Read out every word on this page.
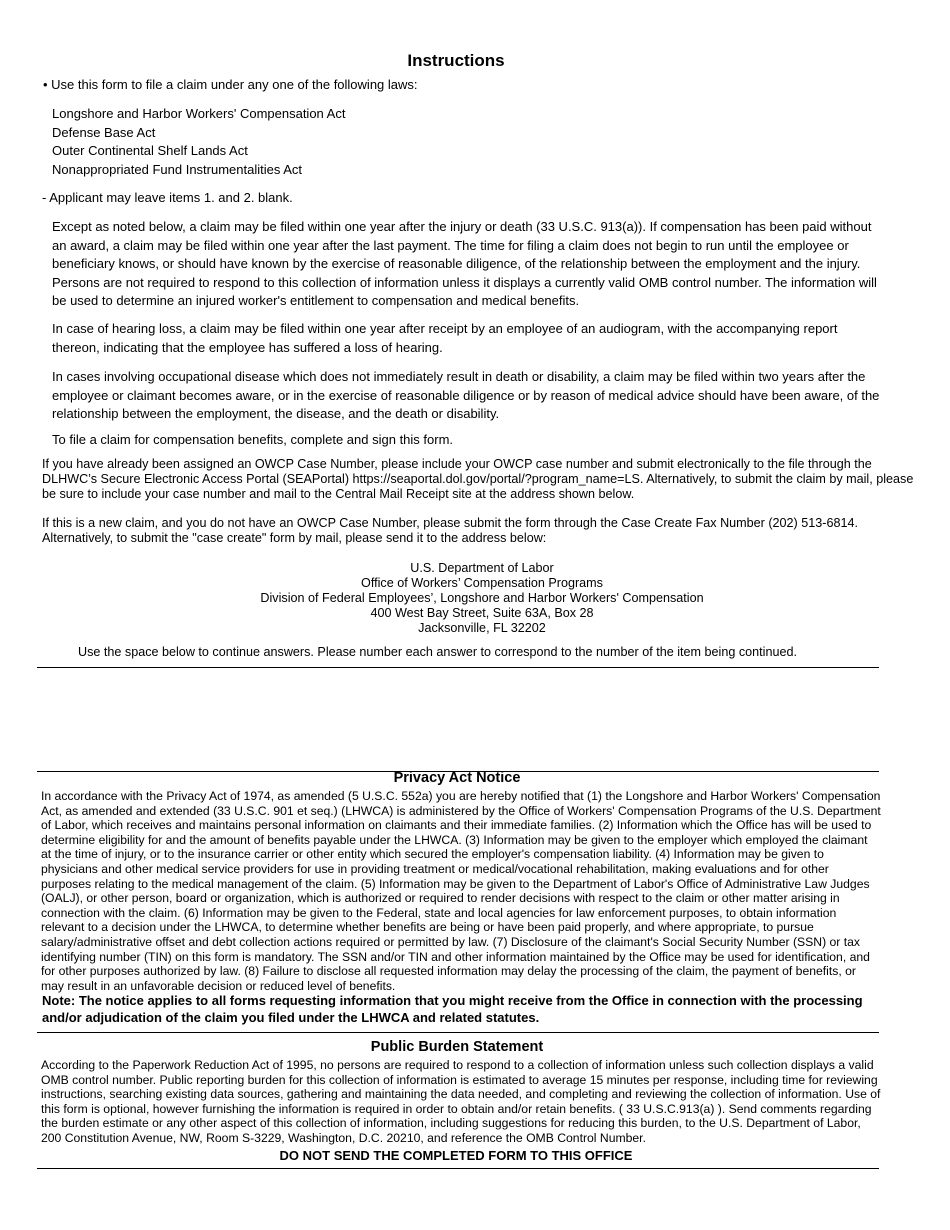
Instructions
• Use this form to file a claim under any one of the following laws:
Longshore and Harbor Workers' Compensation Act
Defense Base Act
Outer Continental Shelf Lands Act
Nonappropriated Fund Instrumentalities Act
- Applicant may leave items 1. and 2. blank.
Except as noted below, a claim may be filed within one year after the injury or death (33 U.S.C. 913(a)). If compensation has been paid without an award, a claim may be filed within one year after the last payment. The time for filing a claim does not begin to run until the employee or beneficiary knows, or should have known by the exercise of reasonable diligence, of the relationship between the employment and the injury. Persons are not required to respond to this collection of information unless it displays a currently valid OMB control number. The information will be used to determine an injured worker's entitlement to compensation and medical benefits.
In case of hearing loss, a claim may be filed within one year after receipt by an employee of an audiogram, with the accompanying report thereon, indicating that the employee has suffered a loss of hearing.
In cases involving occupational disease which does not immediately result in death or disability, a claim may be filed within two years after the employee or claimant becomes aware, or in the exercise of reasonable diligence or by reason of medical advice should have been aware, of the relationship between the employment, the disease, and the death or disability.
To file a claim for compensation benefits, complete and sign this form.
If you have already been assigned an OWCP Case Number, please include your OWCP case number and submit electronically to the file through the DLHWC’s Secure Electronic Access Portal (SEAPortal) https://seaportal.dol.gov/portal/?program_name=LS. Alternatively, to submit the claim by mail, please be sure to include your case number and mail to the Central Mail Receipt site at the address shown below.
If this is a new claim, and you do not have an OWCP Case Number, please submit the form through the Case Create Fax Number (202) 513-6814. Alternatively, to submit the "case create" form by mail, please send it to the address below:
U.S. Department of Labor
Office of Workers’ Compensation Programs
Division of Federal Employees’, Longshore and Harbor Workers' Compensation
400 West Bay Street, Suite 63A, Box 28
Jacksonville, FL 32202
Use the space below to continue answers. Please number each answer to correspond to the number of the item being continued.
Privacy Act Notice
In accordance with the Privacy Act of 1974, as amended (5 U.S.C. 552a) you are hereby notified that (1) the Longshore and Harbor Workers' Compensation Act, as amended and extended (33 U.S.C. 901 et seq.) (LHWCA) is administered by the Office of Workers' Compensation Programs of the U.S. Department of Labor, which receives and maintains personal information on claimants and their immediate families. (2) Information which the Office has will be used to determine eligibility for and the amount of benefits payable under the LHWCA. (3) Information may be given to the employer which employed the claimant at the time of injury, or to the insurance carrier or other entity which secured the employer's compensation liability. (4) Information may be given to physicians and other medical service providers for use in providing treatment or medical/vocational rehabilitation, making evaluations and for other purposes relating to the medical management of the claim. (5) Information may be given to the Department of Labor's Office of Administrative Law Judges (OALJ), or other person, board or organization, which is authorized or required to render decisions with respect to the claim or other matter arising in connection with the claim. (6) Information may be given to the Federal, state and local agencies for law enforcement purposes, to obtain information relevant to a decision under the LHWCA, to determine whether benefits are being or have been paid properly, and where appropriate, to pursue salary/administrative offset and debt collection actions required or permitted by law. (7) Disclosure of the claimant's Social Security Number (SSN) or tax identifying number (TIN) on this form is mandatory. The SSN and/or TIN and other information maintained by the Office may be used for identification, and for other purposes authorized by law. (8) Failure to disclose all requested information may delay the processing of the claim, the payment of benefits, or may result in an unfavorable decision or reduced level of benefits.
Note: The notice applies to all forms requesting information that you might receive from the Office in connection with the processing and/or adjudication of the claim you filed under the LHWCA and related statutes.
Public Burden Statement
According to the Paperwork Reduction Act of 1995, no persons are required to respond to a collection of information unless such collection displays a valid OMB control number. Public reporting burden for this collection of information is estimated to average 15 minutes per response, including time for reviewing instructions, searching existing data sources, gathering and maintaining the data needed, and completing and reviewing the collection of information. Use of this form is optional, however furnishing the information is required in order to obtain and/or retain benefits. ( 33 U.S.C.913(a) ). Send comments regarding the burden estimate or any other aspect of this collection of information, including suggestions for reducing this burden, to the U.S. Department of Labor, 200 Constitution Avenue, NW, Room S-3229, Washington, D.C. 20210, and reference the OMB Control Number.
DO NOT SEND THE COMPLETED FORM TO THIS OFFICE
